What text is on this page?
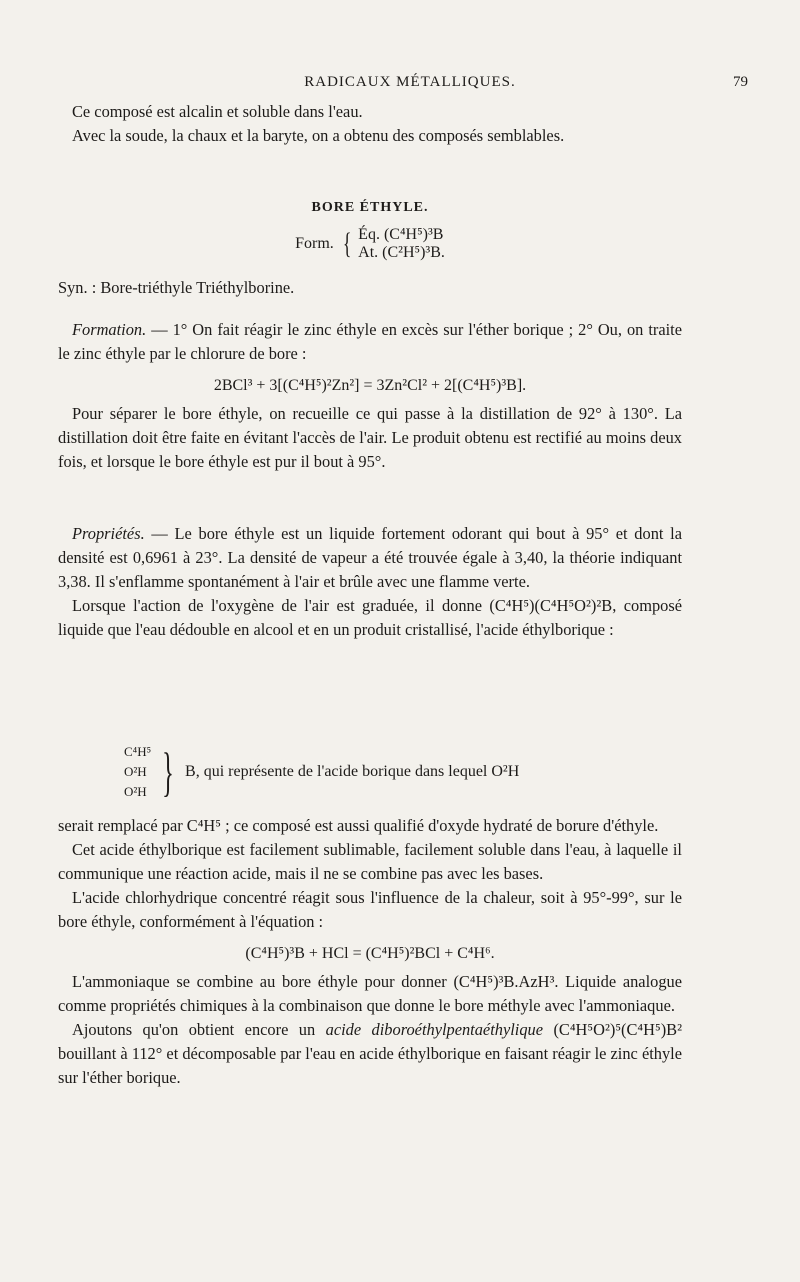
RADICAUX MÉTALLIQUES.	79

Ce composé est alcalin et soluble dans l'eau.

Avec la soude, la chaux et la baryte, on a obtenu des composés semblables.

BORE ÉTHYLE.

Form. { Éq. (C⁴H⁵)³B
At. (C²H⁵)³B.

Syn. : Bore-triéthyle Triéthylborine.

Formation. — 1° On fait réagir le zinc éthyle en excès sur l'éther borique ; 2° Ou, on traite le zinc éthyle par le chlorure de bore :

2BCl³ + 3[(C⁴H⁵)²Zn²] = 3Zn²Cl² + 2[(C⁴H⁵)³B].

Pour séparer le bore éthyle, on recueille ce qui passe à la distillation de 92° à 130°. La distillation doit être faite en évitant l'accès de l'air. Le produit obtenu est rectifié au moins deux fois, et lorsque le bore éthyle est pur il bout à 95°.

Propriétés. — Le bore éthyle est un liquide fortement odorant qui bout à 95° et dont la densité est 0,6961 à 23°. La densité de vapeur a été trouvée égale à 3,40, la théorie indiquant 3,38. Il s'enflamme spontanément à l'air et brûle avec une flamme verte.

Lorsque l'action de l'oxygène de l'air est graduée, il donne (C⁴H⁵)(C⁴H⁵O²)²B, composé liquide que l'eau dédouble en alcool et en un produit cristallisé, l'acide éthylborique :

C⁴H⁵
O²H
O²H } B, qui représente de l'acide borique dans lequel O²H

serait remplacé par C⁴H⁵ ; ce composé est aussi qualifié d'oxyde hydraté de borure d'éthyle.

Cet acide éthylborique est facilement sublimable, facilement soluble dans l'eau, à laquelle il communique une réaction acide, mais il ne se combine pas avec les bases.

L'acide chlorhydrique concentré réagit sous l'influence de la chaleur, soit à 95°-99°, sur le bore éthyle, conformément à l'équation :

(C⁴H⁵)³B + HCl = (C⁴H⁵)²BCl + C⁴H⁶.

L'ammoniaque se combine au bore éthyle pour donner (C⁴H⁵)³B.AzH³. Liquide analogue comme propriétés chimiques à la combinaison que donne le bore méthyle avec l'ammoniaque.

Ajoutons qu'on obtient encore un acide diboroéthylpentaéthylique (C⁴H⁵O²)⁵(C⁴H⁵)B² bouillant à 112° et décomposable par l'eau en acide éthylborique en faisant réagir le zinc éthyle sur l'éther borique.
